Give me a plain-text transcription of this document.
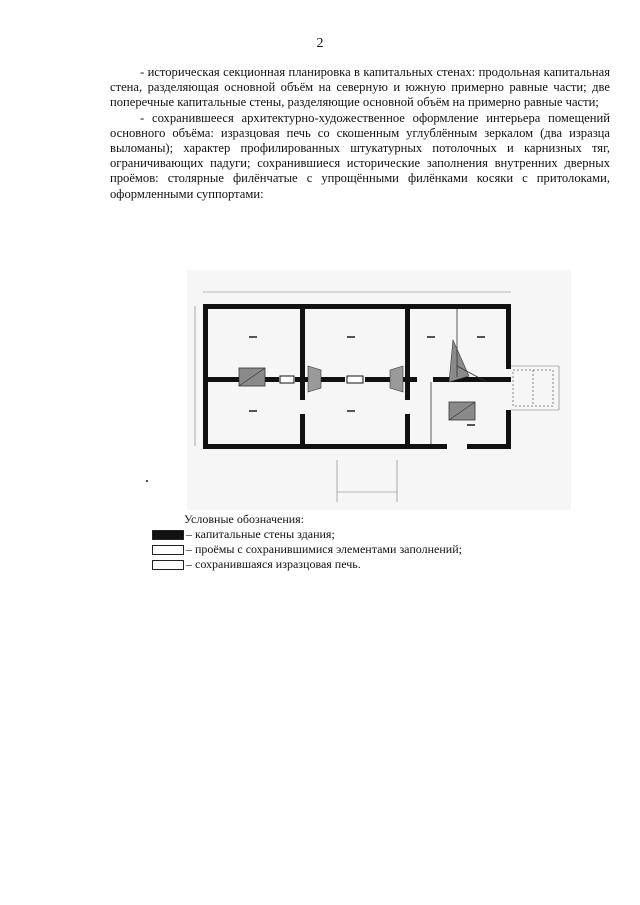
2

- историческая секционная планировка в капитальных стенах: продольная капитальная стена, разделяющая основной объём на северную и южную примерно равные части; две поперечные капитальные стены, разделяющие основной объём на примерно равные части;

- сохранившееся архитектурно-художественное оформление интерьера помещений основного объёма: изразцовая печь со скошенным углублённым зеркалом (два изразца выломаны); характер профилированных штукатурных потолочных и карнизных тяг, ограничивающих падуги; сохранившиеся исторические заполнения внутренних дверных проёмов: столярные филёнчатые с упрощёнными филёнками косяки с притолоками, оформленными суппортами:

Условные обозначения:
– капитальные стены здания;
– проёмы с сохранившимися элементами заполнений;
– сохранившаяся изразцовая печь.
